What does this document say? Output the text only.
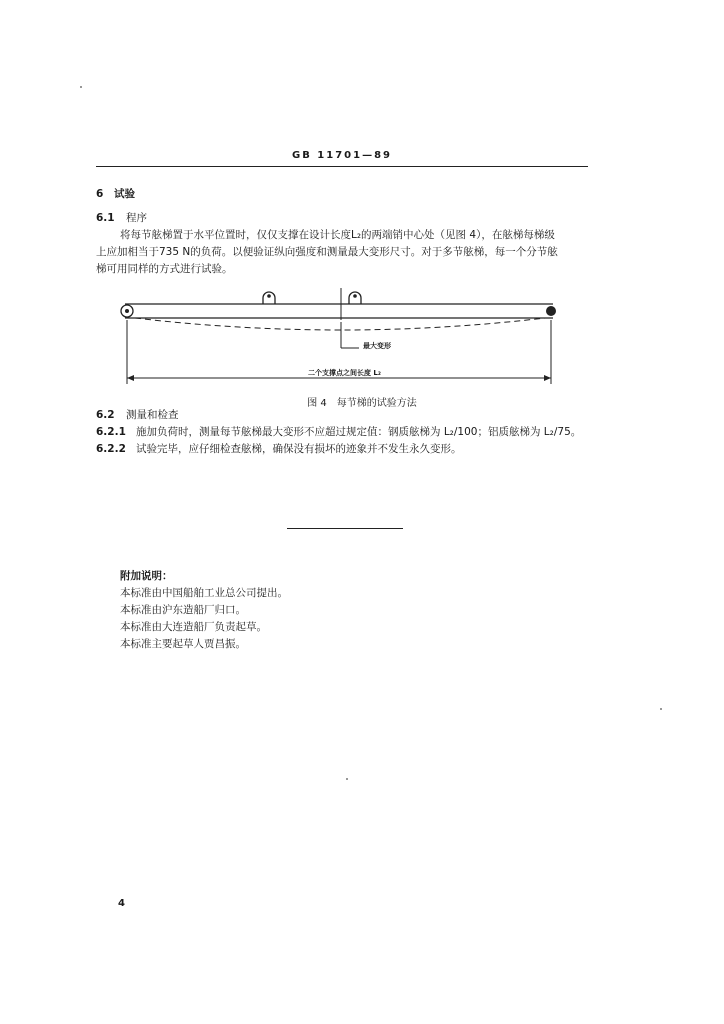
GB 11701—89
6 试验
6.1 程序
将每节舷梯置于水平位置时，仅仅支撑在设计长度L₂的两端销中心处（见图 4），在舷梯每梯级
上应加相当于735 N的负荷。以便验证纵向强度和测量最大变形尺寸。对于多节舷梯，每一个分节舷
梯可用同样的方式进行试验。
最大变形
二个支撑点之间长度 L₂
图 4　每节梯的试验方法
6.2 测量和检查
6.2.1 施加负荷时，测量每节舷梯最大变形不应超过规定值：钢质舷梯为 L₂/100；铝质舷梯为 L₂/75。
6.2.2 试验完毕，应仔细检查舷梯，确保没有损坏的迹象并不发生永久变形。
附加说明：
本标准由中国船舶工业总公司提出。
本标准由沪东造船厂归口。
本标准由大连造船厂负责起草。
本标准主要起草人贾昌振。
4
